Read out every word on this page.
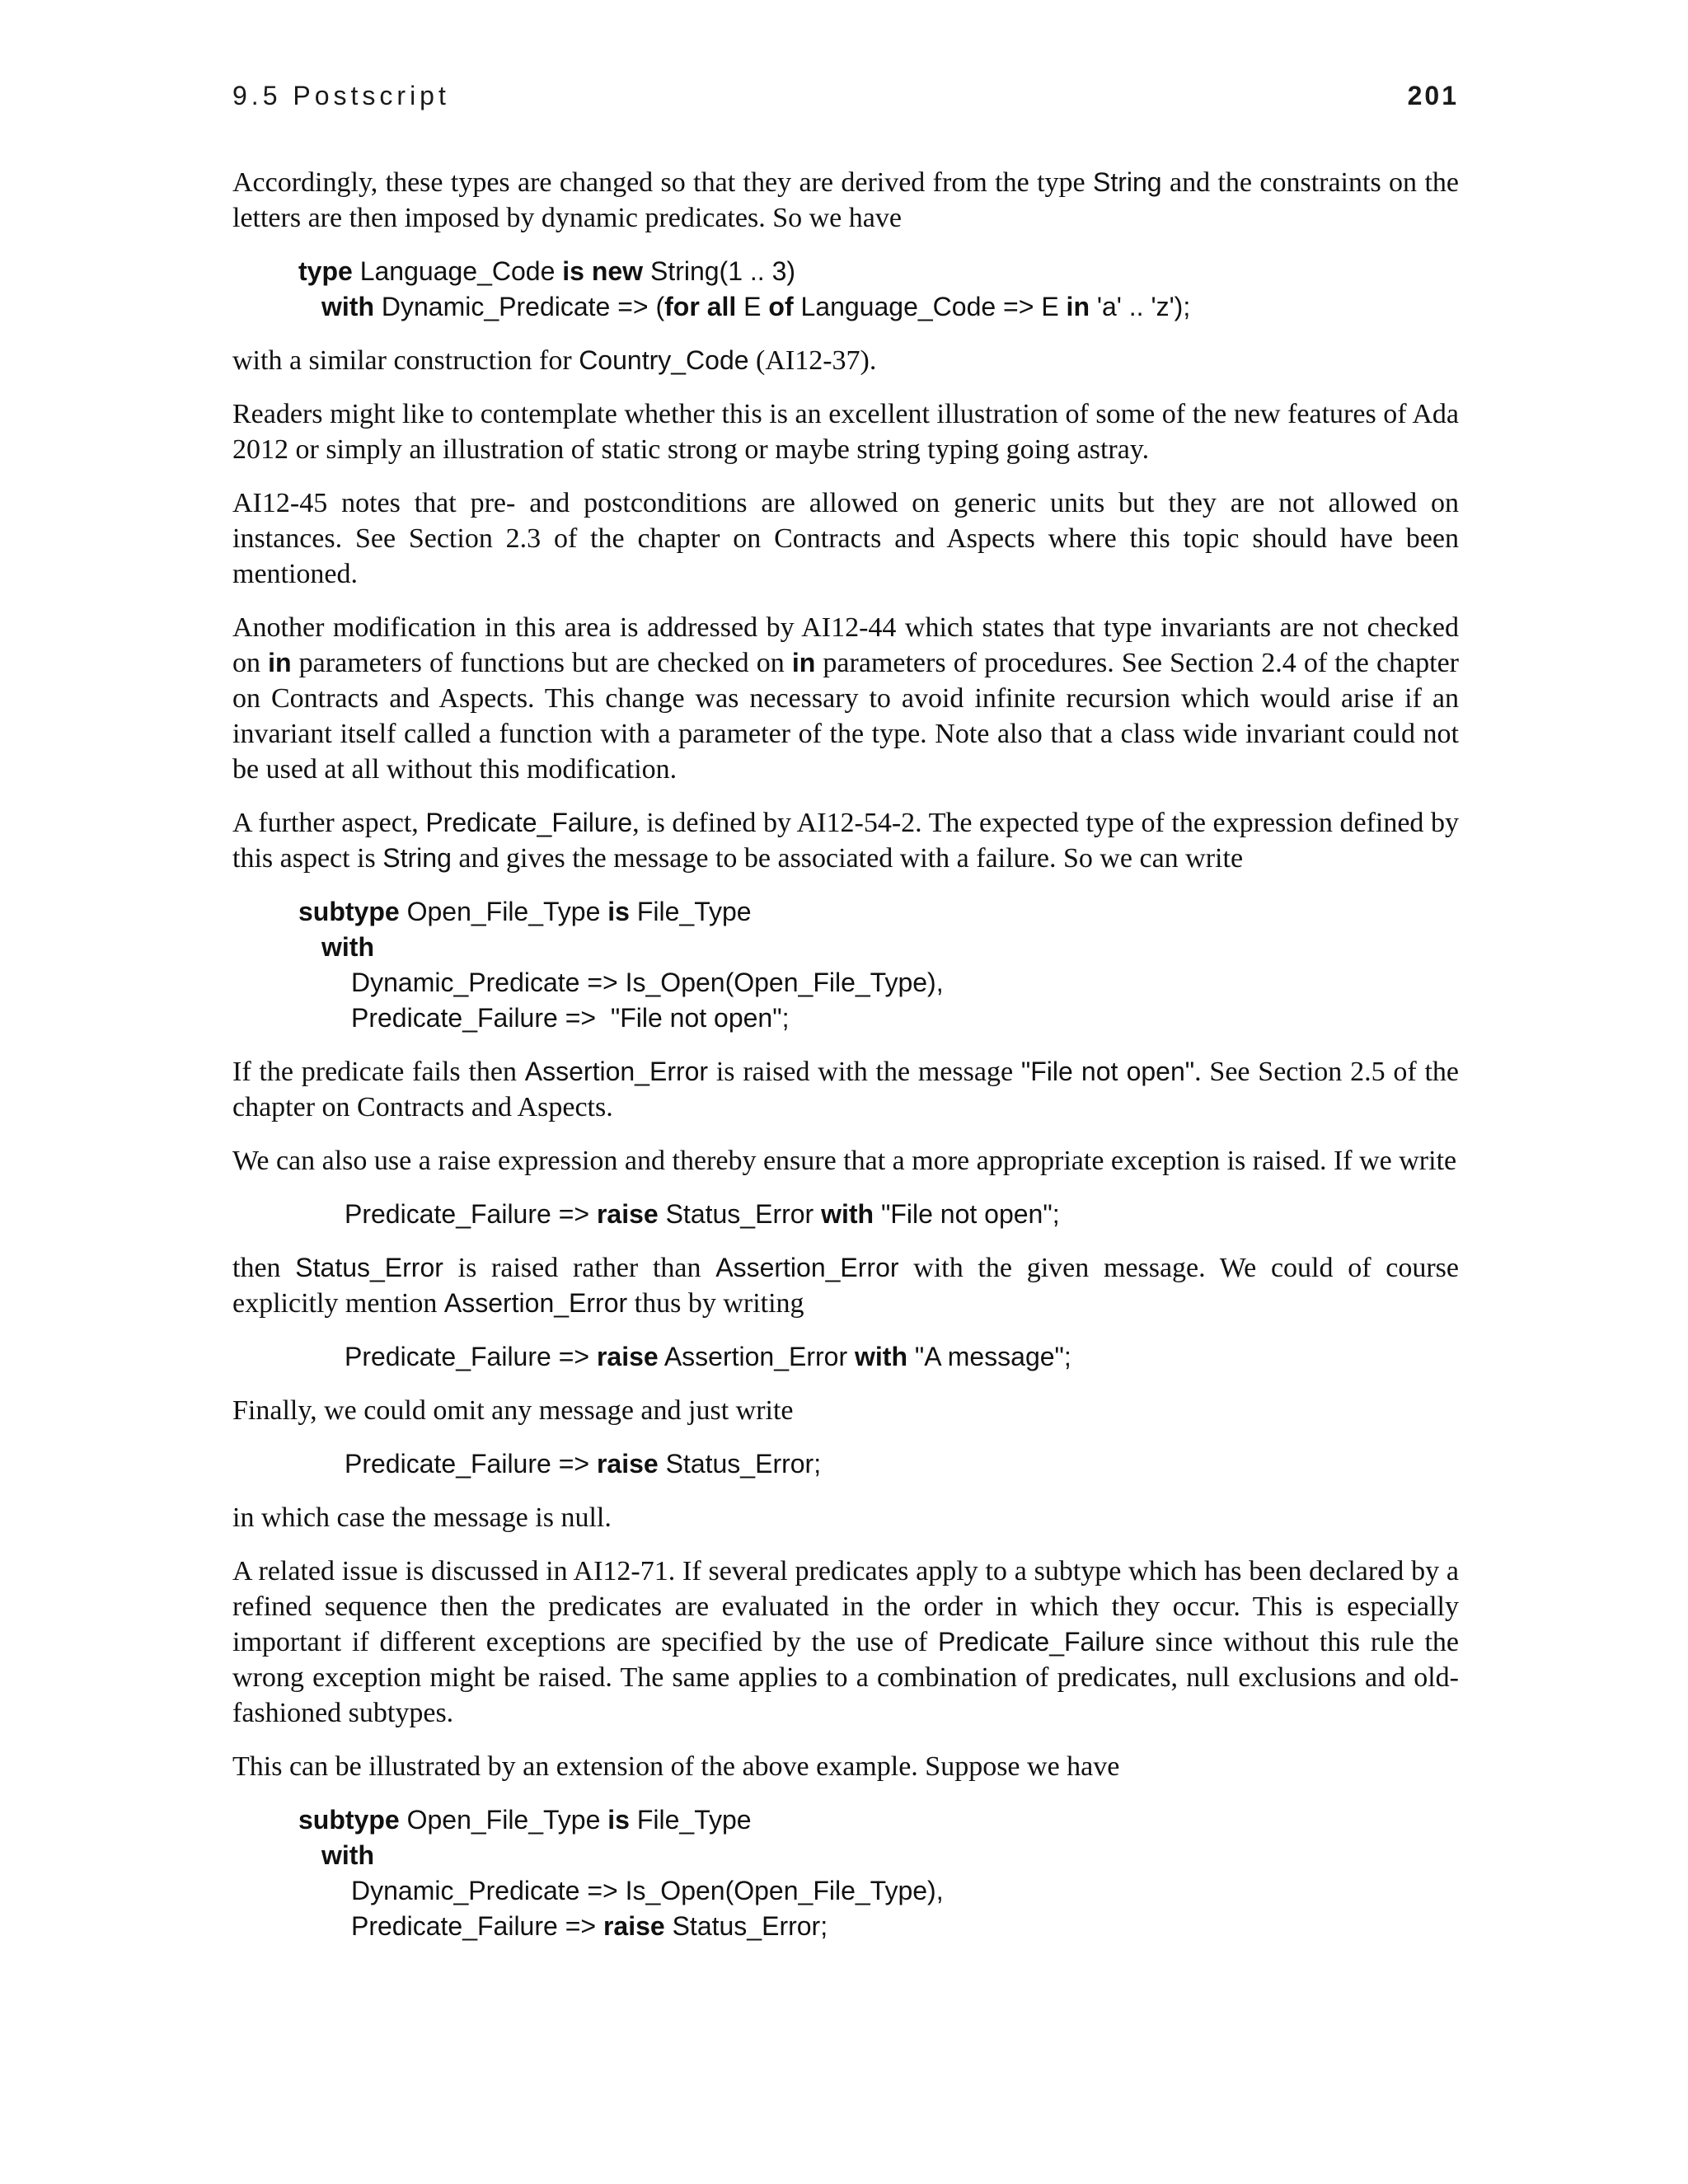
9.5 Postscript	201

Accordingly, these types are changed so that they are derived from the type String and the constraints on the letters are then imposed by dynamic predicates. So we have

type Language_Code is new String(1 .. 3)
with Dynamic_Predicate => (for all E of Language_Code => E in 'a' .. 'z');

with a similar construction for Country_Code (AI12-37).

Readers might like to contemplate whether this is an excellent illustration of some of the new features of Ada 2012 or simply an illustration of static strong or maybe string typing going astray.

AI12-45 notes that pre- and postconditions are allowed on generic units but they are not allowed on instances. See Section 2.3 of the chapter on Contracts and Aspects where this topic should have been mentioned.

Another modification in this area is addressed by AI12-44 which states that type invariants are not checked on in parameters of functions but are checked on in parameters of procedures. See Section 2.4 of the chapter on Contracts and Aspects. This change was necessary to avoid infinite recursion which would arise if an invariant itself called a function with a parameter of the type. Note also that a class wide invariant could not be used at all without this modification.

A further aspect, Predicate_Failure, is defined by AI12-54-2. The expected type of the expression defined by this aspect is String and gives the message to be associated with a failure. So we can write

subtype Open_File_Type is File_Type
with
Dynamic_Predicate => Is_Open(Open_File_Type),
Predicate_Failure =>  "File not open";

If the predicate fails then Assertion_Error is raised with the message "File not open". See Section 2.5 of the chapter on Contracts and Aspects.

We can also use a raise expression and thereby ensure that a more appropriate exception is raised. If we write

Predicate_Failure => raise Status_Error with "File not open";

then Status_Error is raised rather than Assertion_Error with the given message. We could of course explicitly mention Assertion_Error thus by writing

Predicate_Failure => raise Assertion_Error with "A message";

Finally, we could omit any message and just write

Predicate_Failure => raise Status_Error;

in which case the message is null.

A related issue is discussed in AI12-71. If several predicates apply to a subtype which has been declared by a refined sequence then the predicates are evaluated in the order in which they occur. This is especially important if different exceptions are specified by the use of Predicate_Failure since without this rule the wrong exception might be raised. The same applies to a combination of predicates, null exclusions and old-fashioned subtypes.

This can be illustrated by an extension of the above example. Suppose we have

subtype Open_File_Type is File_Type
with
Dynamic_Predicate => Is_Open(Open_File_Type),
Predicate_Failure => raise Status_Error;
